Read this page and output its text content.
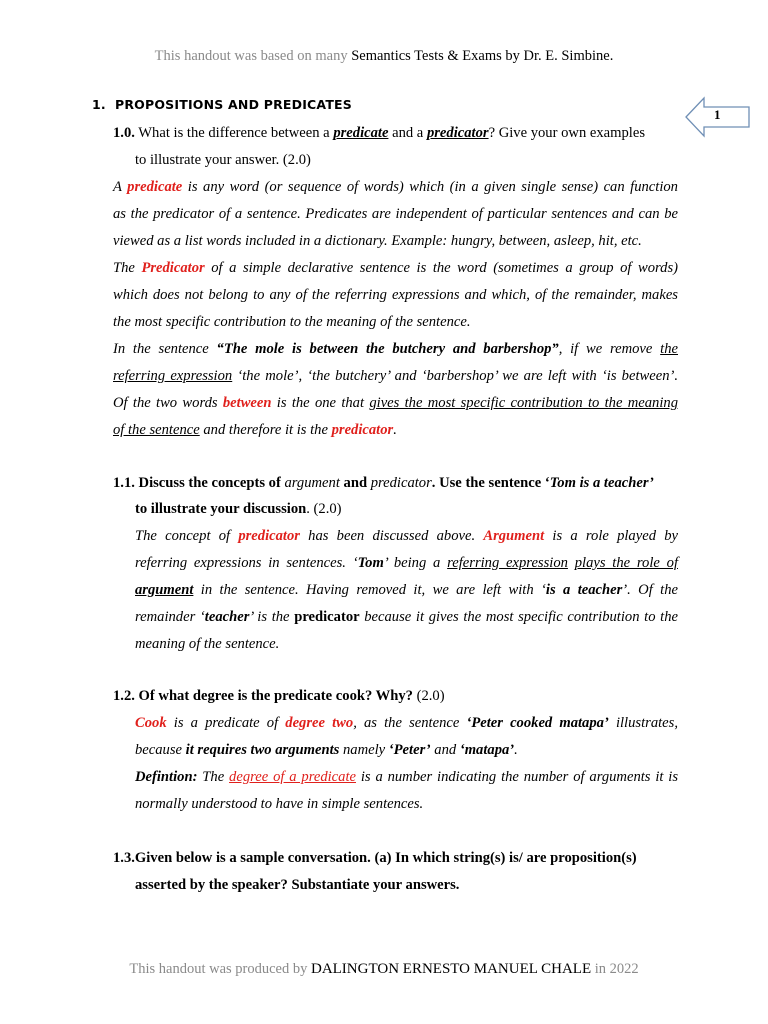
This handout was based on many Semantics Tests & Exams by Dr. E. Simbine.
1
1. PROPOSITIONS AND PREDICATES
1.0. What is the difference between a predicate and a predicator? Give your own examples
to illustrate your answer. (2.0)
A predicate is any word (or sequence of words) which (in a given single sense) can function
as the predicator of a sentence. Predicates are independent of particular sentences and can be
viewed as a list words included in a dictionary. Example: hungry, between, asleep, hit, etc.
The Predicator of a simple declarative sentence is the word (sometimes a group of words)
which does not belong to any of the referring expressions and which, of the remainder, makes
the most specific contribution to the meaning of the sentence.
In the sentence “The mole is between the butchery and barbershop”, if we remove the
referring expression ‘the mole’, ‘the butchery’ and ‘barbershop’ we are left with ‘is between’.
Of the two words between is the one that gives the most specific contribution to the meaning
of the sentence and therefore it is the predicator.
1.1. Discuss the concepts of argument and predicator. Use the sentence ‘Tom is a teacher’
to illustrate your discussion. (2.0)
The concept of predicator has been discussed above. Argument is a role played by
referring expressions in sentences. ‘Tom’ being a referring expression plays the role of
argument in the sentence. Having removed it, we are left with ‘is a teacher’. Of the
remainder ‘teacher’ is the predicator because it gives the most specific contribution to the
meaning of the sentence.
1.2. Of what degree is the predicate cook? Why? (2.0)
Cook is a predicate of degree two, as the sentence ‘Peter cooked matapa’ illustrates,
because it requires two arguments namely ‘Peter’ and ‘matapa’.
Defintion: The degree of a predicate is a number indicating the number of arguments it is
normally understood to have in simple sentences.
1.3.Given below is a sample conversation. (a) In which string(s) is/ are proposition(s)
asserted by the speaker? Substantiate your answers.
This handout was produced by DALINGTON ERNESTO MANUEL CHALE in 2022
